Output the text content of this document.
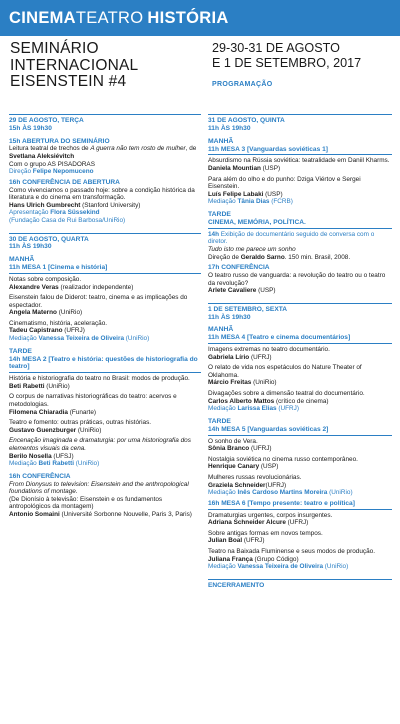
CINEMA TEATRO HISTÓRIA
SEMINÁRIO
INTERNACIONAL
EISENSTEIN #4
29-30-31 DE AGOSTO
E 1 DE SETEMBRO, 2017
PROGRAMAÇÃO
29 DE AGOSTO, TERÇA
15h ÀS 19h30
15h ABERTURA DO SEMINÁRIO

Leitura teatral de trechos de A guerra não tem rosto de mulher, de Svetlana Aleksiévitch

Com o grupo AS PISADORAS

Direção Felipe Nepomuceno

16h CONFERÊNCIA DE ABERTURA

Como vivenciamos o passado hoje: sobre a condição histórica da literatura e do cinema em transformação.

Hans Ulrich Gumbrecht (Stanford University)

Apresentação Flora Süssekind

(Fundação Casa de Rui Barbosa/UniRio)

30 DE AGOSTO, QUARTA
11h ÀS 19h30
MANHÃ
11h MESA 1 [Cinema e história]

Notas sobre composição.

Alexandre Veras (realizador independente)

Eisenstein falou de Diderot: teatro, cinema e as implicações do espectador.

Angela Materno (UniRio)

Cinematismo, história, aceleração.

Tadeu Capistrano (UFRJ)

Mediação Vanessa Teixeira de Oliveira (UniRio)

TARDE
14h MESA 2 [Teatro e história: questões de historiografia do teatro]

História e historiografia do teatro no Brasil: modos de produção.

Beti Rabetti (UniRio)

O corpus de narrativas historiográficas do teatro: acervos e metodologias.

Filomena Chiaradia (Funarte)

Teatro e fomento: outras práticas, outras histórias.

Gustavo Guenzburger (UniRio)

Encenação imaginada e dramaturgia: por uma historiografia dos elementos visuais da cena.

Berilo Nosella (UFSJ)

Mediação Beti Rabetti (UniRio)

16h CONFERÊNCIA

From Dionysus to television: Eisenstein and the anthropological foundations of montage.

(De Dionísio à televisão: Eisenstein e os fundamentos antropológicos da montagem)

Antonio Somaini (Université Sorbonne Nouvelle, Paris 3, Paris)

31 DE AGOSTO, QUINTA
11h ÀS 19h30
MANHÃ
11h MESA 3 [Vanguardas soviéticas 1]

Absurdismo na Rússia soviética: teatralidade em Daniil Kharms.

Daniela Mountian (USP)

Para além do olho e do punho: Dziga Viértov e Sergei Eisenstein.

Luís Felipe Labaki (USP)

Mediação Tânia Dias (FCRB)

TARDE
CINEMA, MEMÓRIA, POLÍTICA.

14h Exibição de documentário seguido de conversa com o diretor.

Tudo isto me parece um sonho

Direção de Geraldo Sarno. 150 min. Brasil, 2008.

17h CONFERÊNCIA

O teatro russo de vanguarda: a revolução do teatro ou o teatro da revolução?

Arlete Cavaliere (USP)

1 DE SETEMBRO, SEXTA
11h ÀS 19h30
MANHÃ
11h MESA 4 [Teatro e cinema documentários]

Imagens extremas no teatro documentário.

Gabriela Lírio (UFRJ)

O relato de vida nos espetáculos do Nature Theater of Oklahoma.

Márcio Freitas (UniRio)

Divagações sobre a dimensão teatral do documentário.

Carlos Alberto Mattos (crítico de cinema)

Mediação Larissa Elias (UFRJ)

TARDE
14h MESA 5 [Vanguardas soviéticas 2]

O sonho de Vera.

Sônia Branco (UFRJ)

Nostalgia soviética no cinema russo contemporâneo.

Henrique Canary (USP)

Mulheres russas revolucionárias.

Graziela Schneider(UFRJ)

Mediação Inês Cardoso Martins Moreira (UniRio)

16h MESA 6 [Tempo presente: teatro e política]

Dramaturgias urgentes, corpos insurgentes.

Adriana Schneider Alcure (UFRJ)

Sobre antigas formas em novos tempos.

Julian Boal (UFRJ)

Teatro na Baixada Fluminense e seus modos de produção.

Juliana França (Grupo Código)

Mediação Vanessa Teixeira de Oliveira (UniRio)

ENCERRAMENTO
